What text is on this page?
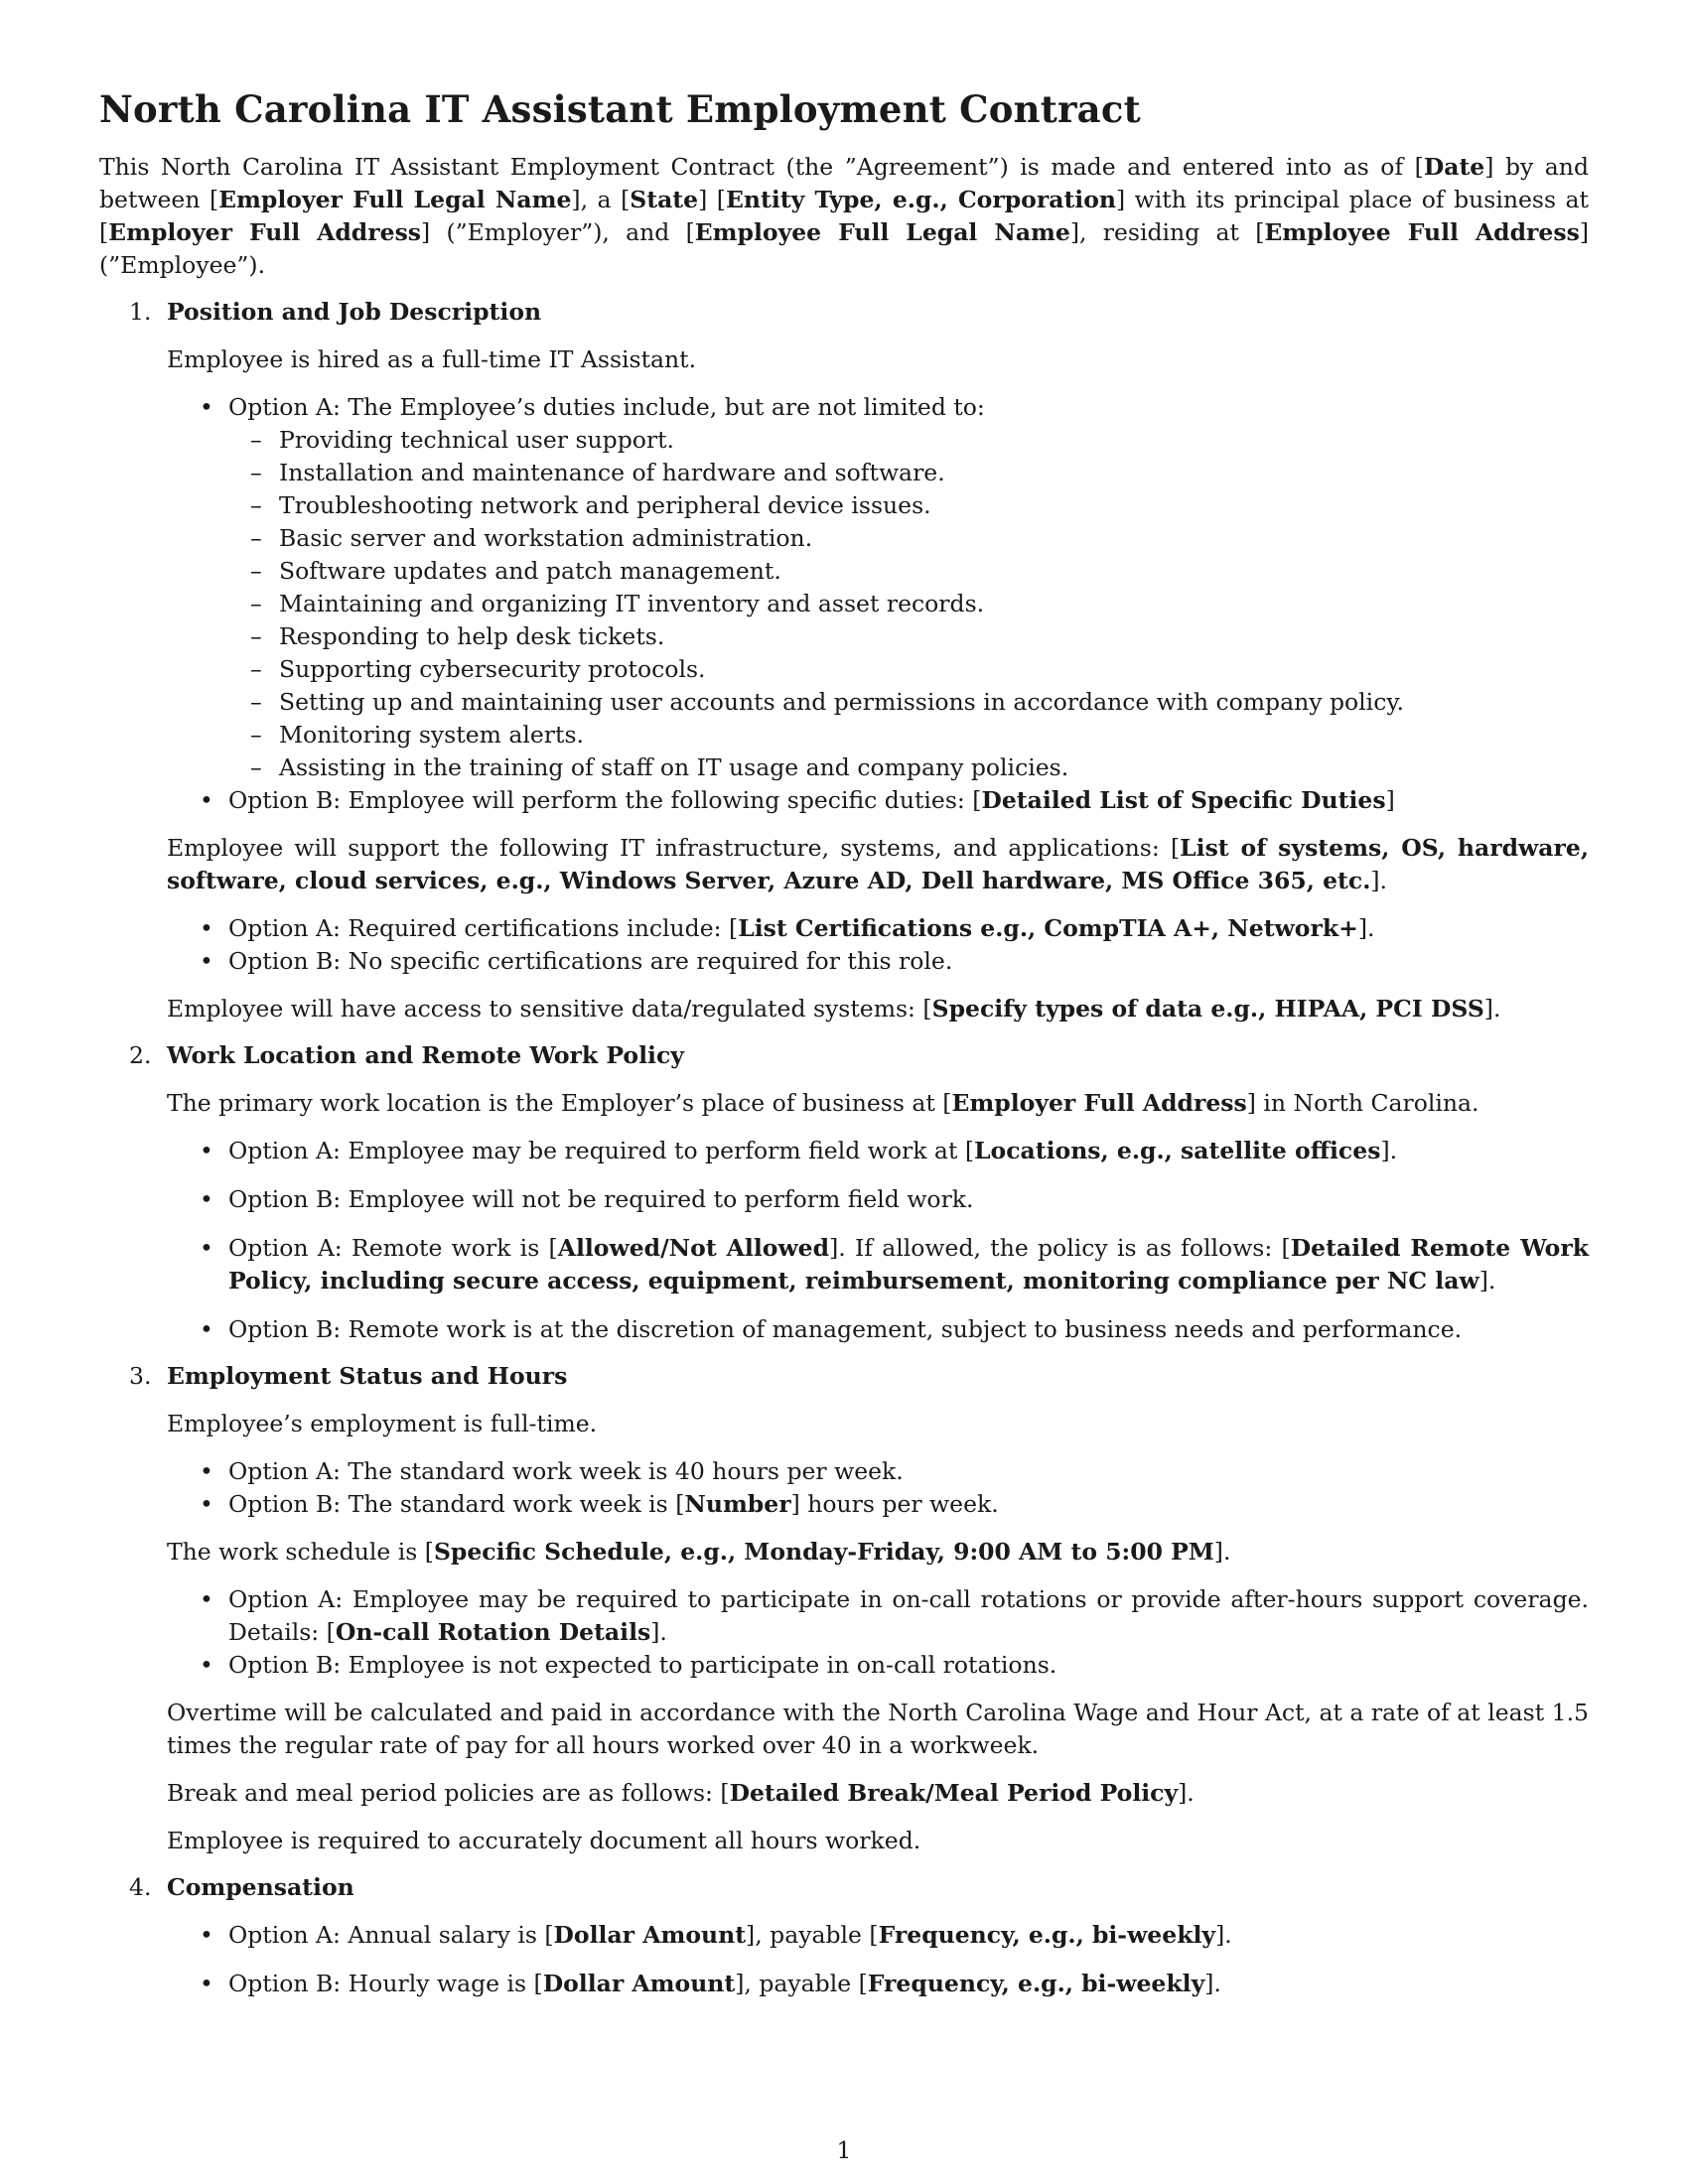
North Carolina IT Assistant Employment Contract

This North Carolina IT Assistant Employment Contract (the ”Agreement”) is made and entered into as of [Date] by and between [Employer Full Legal Name], a [State] [Entity Type, e.g., Corporation] with its principal place of business at [Employer Full Address] (”Employer”), and [Employee Full Legal Name], residing at [Employee Full Address] (”Employee”).

1. Position and Job Description

Employee is hired as a full-time IT Assistant.

• Option A: The Employee’s duties include, but are not limited to:
– Providing technical user support.
– Installation and maintenance of hardware and software.
– Troubleshooting network and peripheral device issues.
– Basic server and workstation administration.
– Software updates and patch management.
– Maintaining and organizing IT inventory and asset records.
– Responding to help desk tickets.
– Supporting cybersecurity protocols.
– Setting up and maintaining user accounts and permissions in accordance with company policy.
– Monitoring system alerts.
– Assisting in the training of staff on IT usage and company policies.
• Option B: Employee will perform the following specific duties: [Detailed List of Specific Duties]

Employee will support the following IT infrastructure, systems, and applications: [List of systems, OS, hardware, software, cloud services, e.g., Windows Server, Azure AD, Dell hardware, MS Office 365, etc.].

• Option A: Required certifications include: [List Certifications e.g., CompTIA A+, Network+].
• Option B: No specific certifications are required for this role.

Employee will have access to sensitive data/regulated systems: [Specify types of data e.g., HIPAA, PCI DSS].

2. Work Location and Remote Work Policy

The primary work location is the Employer’s place of business at [Employer Full Address] in North Carolina.

• Option A: Employee may be required to perform field work at [Locations, e.g., satellite offices].
• Option B: Employee will not be required to perform field work.
• Option A: Remote work is [Allowed/Not Allowed]. If allowed, the policy is as follows: [Detailed Remote Work Policy, including secure access, equipment, reimbursement, monitoring compliance per NC law].
• Option B: Remote work is at the discretion of management, subject to business needs and performance.
3. Employment Status and Hours

Employee’s employment is full-time.

• Option A: The standard work week is 40 hours per week.
• Option B: The standard work week is [Number] hours per week.

The work schedule is [Specific Schedule, e.g., Monday-Friday, 9:00 AM to 5:00 PM].

• Option A: Employee may be required to participate in on-call rotations or provide after-hours support coverage. Details: [On-call Rotation Details].
• Option B: Employee is not expected to participate in on-call rotations.

Overtime will be calculated and paid in accordance with the North Carolina Wage and Hour Act, at a rate of at least 1.5 times the regular rate of pay for all hours worked over 40 in a workweek.

Break and meal period policies are as follows: [Detailed Break/Meal Period Policy].

Employee is required to accurately document all hours worked.

4. Compensation

• Option A: Annual salary is [Dollar Amount], payable [Frequency, e.g., bi-weekly].
• Option B: Hourly wage is [Dollar Amount], payable [Frequency, e.g., bi-weekly].
1
